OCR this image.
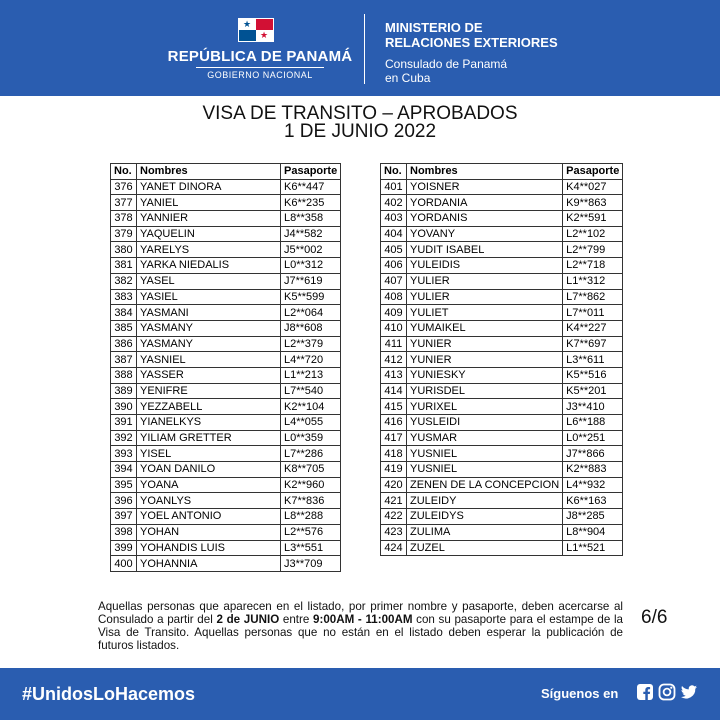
★
★
REPÚBLICA DE PANAMÁ
GOBIERNO NACIONAL
MINISTERIO DE
RELACIONES EXTERIORES
Consulado de Panamá
en Cuba
VISA DE TRANSITO – APROBADOS
1 DE JUNIO 2022
No.	Nombres	Pasaporte
376	YANET DINORA	K6**447
377	YANIEL	K6**235
378	YANNIER	L8**358
379	YAQUELIN	J4**582
380	YARELYS	J5**002
381	YARKA NIEDALIS	L0**312
382	YASEL	J7**619
383	YASIEL	K5**599
384	YASMANI	L2**064
385	YASMANY	J8**608
386	YASMANY	L2**379
387	YASNIEL	L4**720
388	YASSER	L1**213
389	YENIFRE	L7**540
390	YEZZABELL	K2**104
391	YIANELKYS	L4**055
392	YILIAM GRETTER	L0**359
393	YISEL	L7**286
394	YOAN DANILO	K8**705
395	YOANA	K2**960
396	YOANLYS	K7**836
397	YOEL ANTONIO	L8**288
398	YOHAN	L2**576
399	YOHANDIS LUIS	L3**551
400	YOHANNIA	J3**709
No.	Nombres	Pasaporte
401	YOISNER	K4**027
402	YORDANIA	K9**863
403	YORDANIS	K2**591
404	YOVANY	L2**102
405	YUDIT ISABEL	L2**799
406	YULEIDIS	L2**718
407	YULIER	L1**312
408	YULIER	L7**862
409	YULIET	L7**011
410	YUMAIKEL	K4**227
411	YUNIER	K7**697
412	YUNIER	L3**611
413	YUNIESKY	K5**516
414	YURISDEL	K5**201
415	YURIXEL	J3**410
416	YUSLEIDI	L6**188
417	YUSMAR	L0**251
418	YUSNIEL	J7**866
419	YUSNIEL	K2**883
420	ZENEN DE LA CONCEPCION	L4**932
421	ZULEIDY	K6**163
422	ZULEIDYS	J8**285
423	ZULIMA	L8**904
424	ZUZEL	L1**521
Aquellas personas que aparecen en el listado, por primer nombre y pasaporte, deben acercarse al Consulado a partir del 2 de JUNIO entre 9:00AM - 11:00AM con su pasaporte para el estampe de la Visa de Transito. Aquellas personas que no están en el listado deben esperar la publicación de futuros listados.
6/6
#UnidosLoHacemos	Síguenos en
